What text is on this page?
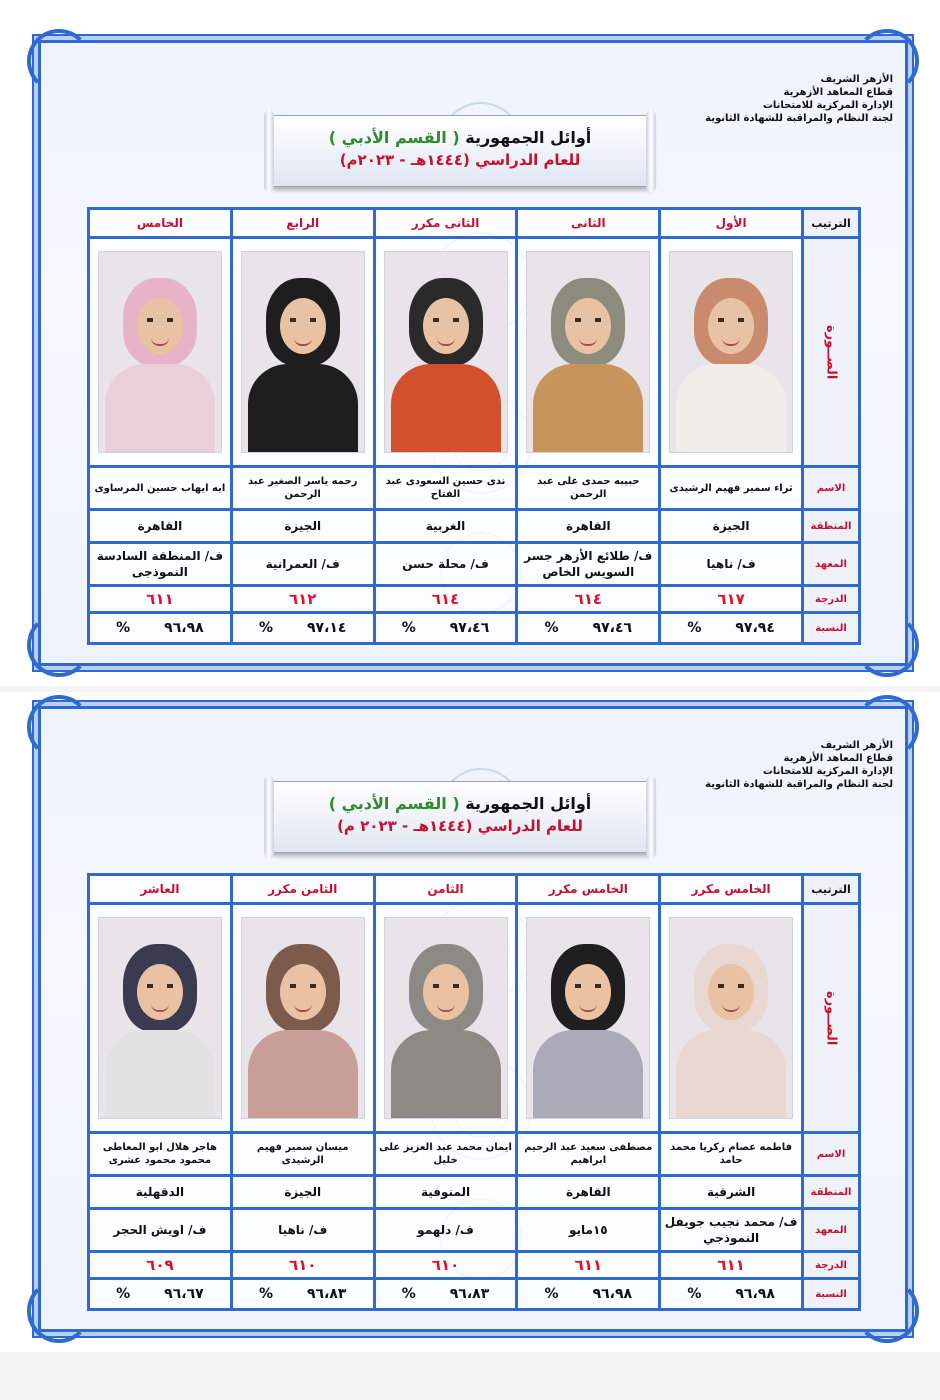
الأزهر الشريف
قطاع المعاهد الأزهرية
الإدارة المركزية للامتحانات
لجنة النظام والمراقبة للشهادة الثانوية
أوائل الجمهورية ( القسم الأدبي )
للعام الدراسي (١٤٤٤هـ - ٢٠٢٣م)
الترتيب	الأول	الثانى	الثانى مكرر	الرابع	الخامس
الصــورة	

الاسم	ثراء سمير فهيم الرشيدى	حبيبه حمدى على عبد الرحمن	ندى حسين السعودى عبد الفتاح	رحمه ياسر الصغير عبد الرحمن	ايه ايهاب حسين المرساوى
المنطقة	الجيزة	القاهرة	الغربية	الجيزة	القاهرة
المعهد	ف/ ناهيا	ف/ طلائع الأزهر جسر السويس الخاص	ف/ محلة حسن	ف/ العمرانية	ف/ المنطقة السادسة النموذجى
الدرجة	٦١٧	٦١٤	٦١٤	٦١٢	٦١١
النسبة	٩٧،٩٤%	٩٧،٤٦%	٩٧،٤٦%	٩٧،١٤%	٩٦،٩٨%
الأزهر الشريف
قطاع المعاهد الأزهرية
الإدارة المركزية للامتحانات
لجنة النظام والمراقبة للشهادة الثانوية
أوائل الجمهورية ( القسم الأدبي )
للعام الدراسي (١٤٤٤هـ - ٢٠٢٣ م)
الترتيب	الخامس مكرر	الخامس مكرر	الثامن	الثامن مكرر	العاشر
الصــورة	

الاسم	فاطمه عصام زكريا محمد حامد	مصطفى سعيد عبد الرحيم ابراهيم	ايمان محمد عبد العزيز على خليل	ميسان سمير فهيم الرشيدى	هاجر هلال ابو المعاطى محمود محمود عشرى
المنطقة	الشرقية	القاهرة	المنوفية	الجيزة	الدقهلية
المعهد	ف/ محمد نجيب جويفل النموذجي	١٥مايو	ف/ دلهمو	ف/ ناهيا	ف/ اويش الحجر
الدرجة	٦١١	٦١١	٦١٠	٦١٠	٦٠٩
النسبة	٩٦،٩٨%	٩٦،٩٨%	٩٦،٨٣%	٩٦،٨٣%	٩٦،٦٧%
